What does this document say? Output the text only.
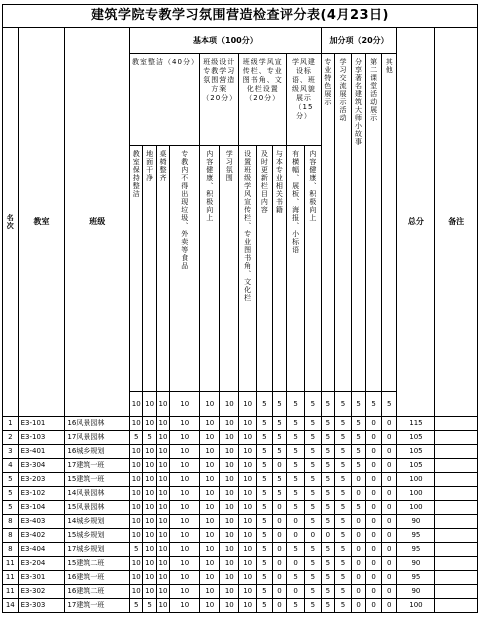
建筑学院专教学习氛围营造检查评分表(4月23日)																				

名次	教室	班级	基本项（100分）											加分项（20分）					总分	备注

			教室整洁（40分）				班级设计专教学习氛围营造方案（20分）		班级学风宣传栏、专业图书角、文化栏设置（20分）			学风建设标语、班级风貌展示（15分）		专业特色展示	学习交流展示活动	分享著名建筑大师小故事	第二课堂活动展示	其他		

			教室保持整洁	地面干净	桌椅整齐	专教内不得出现垃圾、外卖等食品	内容健康、积极向上	学习氛围	设置班级学风宣传栏、专业图书角、文化栏	及时更新栏目内容	与本专业相关书籍	有横幅、展板、海报、小标语	内容健康、积极向上							

			10	10	10	10	10	10	10	5	5	5	5	5	5	5	5	5		

1	E3-101	16风景园林	10	10	10	10	10	10	10	5	5	5	5	5	5	5	0	0	115	
2	E3-103	17风景园林	5	5	10	10	10	10	10	5	5	5	5	5	5	5	0	0	105	
3	E3-401	16城乡规划	10	10	10	10	10	10	10	5	5	5	5	5	5	5	0	0	105	
4	E3-304	17建筑一班	10	10	10	10	10	10	10	5	0	5	5	5	5	5	0	0	105	
5	E3-203	15建筑一班	10	10	10	10	10	10	10	5	5	5	5	5	5	0	0	0	100	
5	E3-102	14风景园林	10	10	10	10	10	10	10	5	5	5	5	5	5	0	0	0	100	
5	E3-104	15风景园林	10	10	10	10	10	10	10	5	0	5	5	5	5	5	0	0	100	
8	E3-403	14城乡规划	10	10	10	10	10	10	10	5	0	0	5	5	5	0	0	0	90	
8	E3-402	15城乡规划	10	10	10	10	10	10	10	5	0	0	0	0	5	0	0	0	95	
8	E3-404	17城乡规划	5	10	10	10	10	10	10	5	0	5	5	5	5	0	0	0	95	
11	E3-204	15建筑二班	10	10	10	10	10	10	10	5	0	0	5	5	5	0	0	0	90	
11	E3-301	16建筑一班	10	10	10	10	10	10	10	5	0	5	5	5	5	0	0	0	95	
11	E3-302	16建筑二班	10	10	10	10	10	10	10	5	0	0	5	5	5	0	0	0	90	
14	E3-303	17建筑一班	5	5	10	10	10	10	10	5	0	5	5	5	5	0	0	0	100	
